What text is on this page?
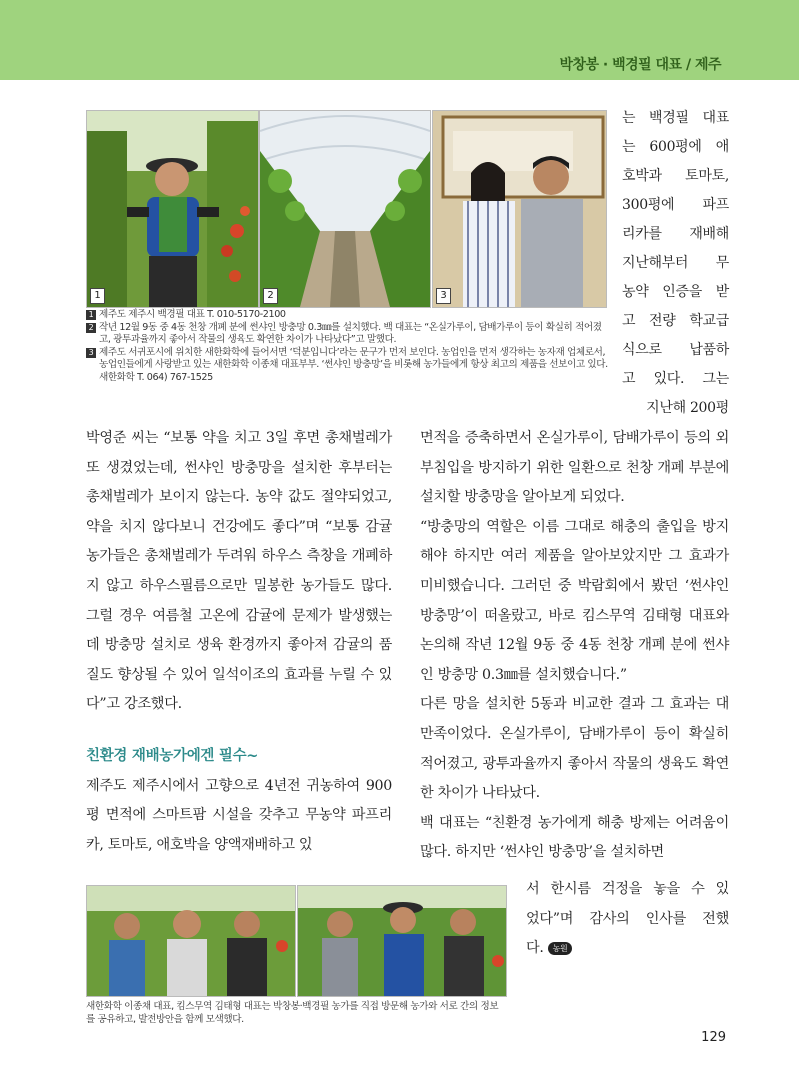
박창봉 · 백경필 대표 / 제주
1	2	3
1 제주도 제주시 백경필 대표 T. 010-5170-2100
2 작년 12월 9동 중 4동 천창 개폐 분에 썬샤인 방충망 0.3㎜를 설치했다. 백 대표는 “온실가루이, 담배가루이 등이 확실히 적어졌고, 광투과율까지 좋아서 작물의 생육도 확연한 차이가 나타났다”고 말했다.
3 제주도 서귀포시에 위치한 새한화학에 들어서면 ‘덕분입니다’라는 문구가 먼저 보인다. 농업인을 먼저 생각하는 농자재 업체로서, 농업인들에게 사랑받고 있는 새한화학 이종채 대표부부. ‘썬샤인 방충망’을 비롯해 농가들에게 항상 최고의 제품을 선보이고 있다. 새한화학 T. 064) 767-1525

는 백경필 대표

는 600평에 애

호박과 토마토,

300평에 파프

리카를 재배해

지난해부터 무

농약 인증을 받

고 전량 학교급

식으로 납품하

고 있다. 그는

지난해 200평

박영준 씨는 “보통 약을 치고 3일 후면 총채벌레가 또 생겼었는데, 썬샤인 방충망을 설치한 후부터는 총채벌레가 보이지 않는다. 농약 값도 절약되었고, 약을 치지 않다보니 건강에도 좋다”며 “보통 감귤 농가들은 총채벌레가 두려워 하우스 측창을 개폐하지 않고 하우스필름으로만 밀봉한 농가들도 많다. 그럴 경우 여름철 고온에 감귤에 문제가 발생했는데 방충망 설치로 생육 환경까지 좋아져 감귤의 품질도 향상될 수 있어 일석이조의 효과를 누릴 수 있다”고 강조했다.

친환경 재배농가에겐 필수~

제주도 제주시에서 고향으로 4년전 귀농하여 900평 면적에 스마트팜 시설을 갖추고 무농약 파프리카, 토마토, 애호박을 양액재배하고 있

면적을 증축하면서 온실가루이, 담배가루이 등의 외부침입을 방지하기 위한 일환으로 천창 개폐 부분에 설치할 방충망을 알아보게 되었다.

“방충망의 역할은 이름 그대로 해충의 출입을 방지해야 하지만 여러 제품을 알아보았지만 그 효과가 미비했습니다. 그러던 중 박람회에서 봤던 ‘썬샤인 방충망’이 떠올랐고, 바로 킴스무역 김태형 대표와 논의해 작년 12월 9동 중 4동 천창 개폐 분에 썬샤인 방충망 0.3㎜를 설치했습니다.”

다른 망을 설치한 5동과 비교한 결과 그 효과는 대만족이었다. 온실가루이, 담배가루이 등이 확실히 적어졌고, 광투과율까지 좋아서 작물의 생육도 확연한 차이가 나타났다.

백 대표는 “친환경 농가에게 해충 방제는 어려움이 많다. 하지만 ‘썬샤인 방충망’을 설치하면

서 한시름 걱정을 놓을 수 있

었다”며 감사의 인사를 전했

다. 농원

새한화학 이종채 대표, 킴스무역 김태형 대표는 박창봉·백경필 농가를 직접 방문해 농가와 서로 간의 정보를 공유하고, 발전방안을 함께 모색했다.
129
